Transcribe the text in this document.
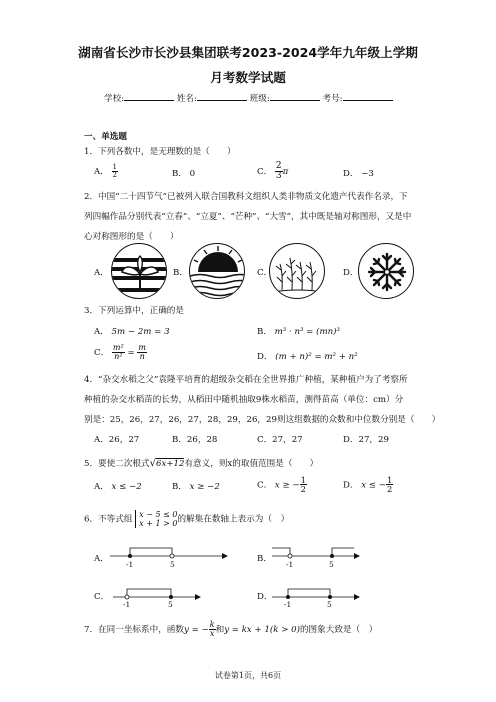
湖南省长沙市长沙县集团联考2023-2024学年九年级上学期
月考数学试题
学校:	姓名:	班级:	考号:
一、单选题
1．下列各数中，是无理数的是（　　）
A． $\frac{1}{2}$	B． 0	C． $\frac{2}{3}$ π	D． −3
2．中国“二十四节气”已被列入联合国教科文组织人类非物质文化遗产代表作名录，下
列四幅作品分别代表“立春”、“立夏”、“芒种”、“大雪”，其中既是轴对称图形，又是中
心对称图形的是（　　）
A．	B．	C．	D．
3．下列运算中，正确的是
A． 5m − 2m = 3	B． m³ · n³ = (mn)³
C． $\frac{\text{m²}}{\text{n²}} = \frac{m}{n}$	D． (m + n)² = m² + n²
4．“杂交水稻之父”袁隆平培育的超级杂交稻在全世界推广种植，某种植户为了考察所
种植的杂交水稻苗的长势，从稻田中随机抽取9株水稻苗，测得苗高（单位：cm）分
别是：25，26，27，26，27，28，29，26，29则这组数据的众数和中位数分别是（　　）
A．26，27	B．26，28	C．27，27	D．27，29
5．要使二次根式√6x+12有意义，则x的取值范围是（　　）
A． x ≤ −2	B． x ≥ −2	C． x ≥ − $\frac{1}{2}$	D． x ≤ − $\frac{1}{2}$
6．不等式组
x − 5 ≤ 0
x + 1 > 0 的解集在数轴上表示为（　）
A．
-1	5
B．
-1	5
C．
-1	5
D．
-1	5
7．在同一坐标系中，函数y = − $\frac{k}{x}$ 和y = kx + 1(k > 0)的图象大致是（　）
试卷第1页，共6页
